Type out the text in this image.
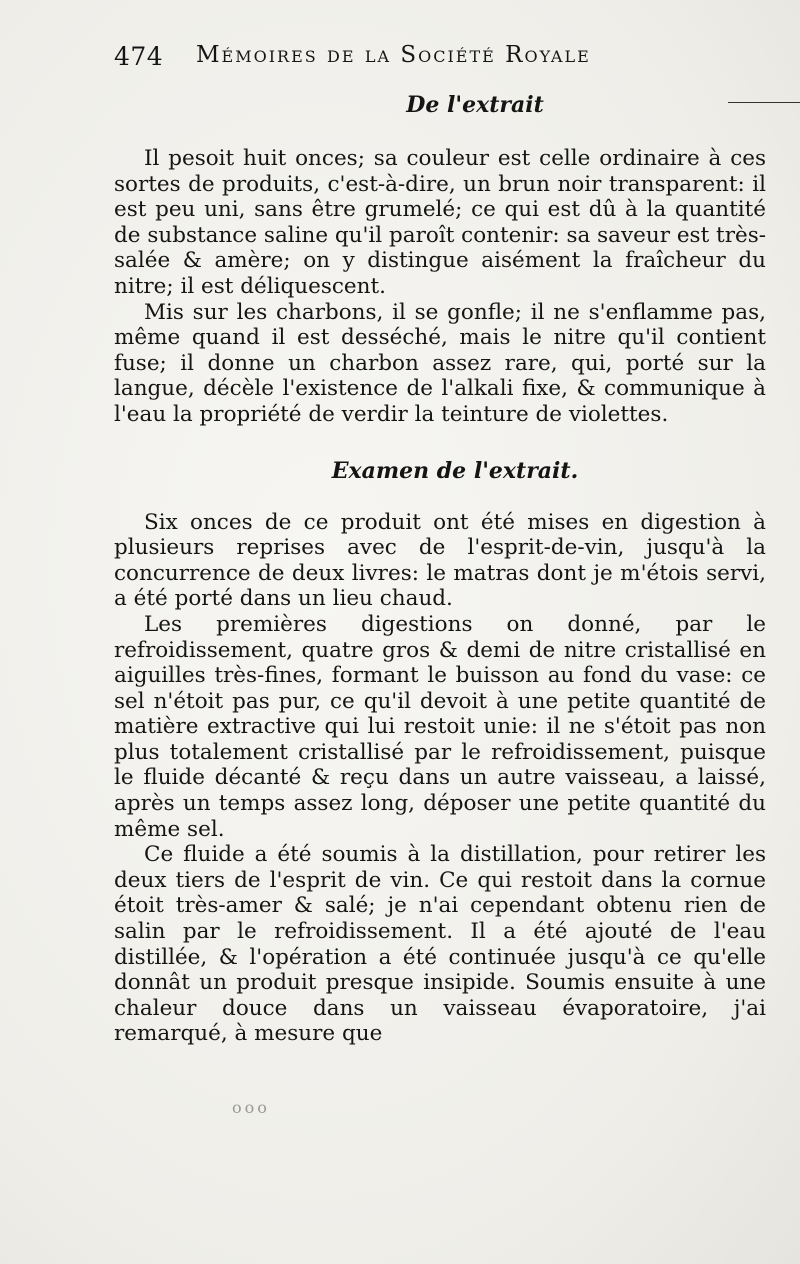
474 Mémoires de la Société Royale
De l'extrait

Il pesoit huit onces; sa couleur est celle ordinaire à ces sortes de produits, c'est-à-dire, un brun noir transparent: il est peu uni, sans être grumelé; ce qui est dû à la quantité de substance saline qu'il paroît contenir: sa saveur est très-salée & amère; on y distingue aisément la fraîcheur du nitre; il est déliquescent.

Mis sur les charbons, il se gonfle; il ne s'enflamme pas, même quand il est desséché, mais le nitre qu'il contient fuse; il donne un charbon assez rare, qui, porté sur la langue, décèle l'existence de l'alkali fixe, & communique à l'eau la propriété de verdir la teinture de violettes.

Examen de l'extrait.

Six onces de ce produit ont été mises en digestion à plusieurs reprises avec de l'esprit-de-vin, jusqu'à la concurrence de deux livres: le matras dont je m'étois servi, a été porté dans un lieu chaud.

Les premières digestions on donné, par le refroidissement, quatre gros & demi de nitre cristallisé en aiguilles très-fines, formant le buisson au fond du vase: ce sel n'étoit pas pur, ce qu'il devoit à une petite quantité de matière extractive qui lui restoit unie: il ne s'étoit pas non plus totalement cristallisé par le refroidissement, puisque le fluide décanté & reçu dans un autre vaisseau, a laissé, après un temps assez long, déposer une petite quantité du même sel.

Ce fluide a été soumis à la distillation, pour retirer les deux tiers de l'esprit de vin. Ce qui restoit dans la cornue étoit très-amer & salé; je n'ai cependant obtenu rien de salin par le refroidissement. Il a été ajouté de l'eau distillée, & l'opération a été continuée jusqu'à ce qu'elle donnât un produit presque insipide. Soumis ensuite à une chaleur douce dans un vaisseau évaporatoire, j'ai remarqué, à mesure que

ooo
